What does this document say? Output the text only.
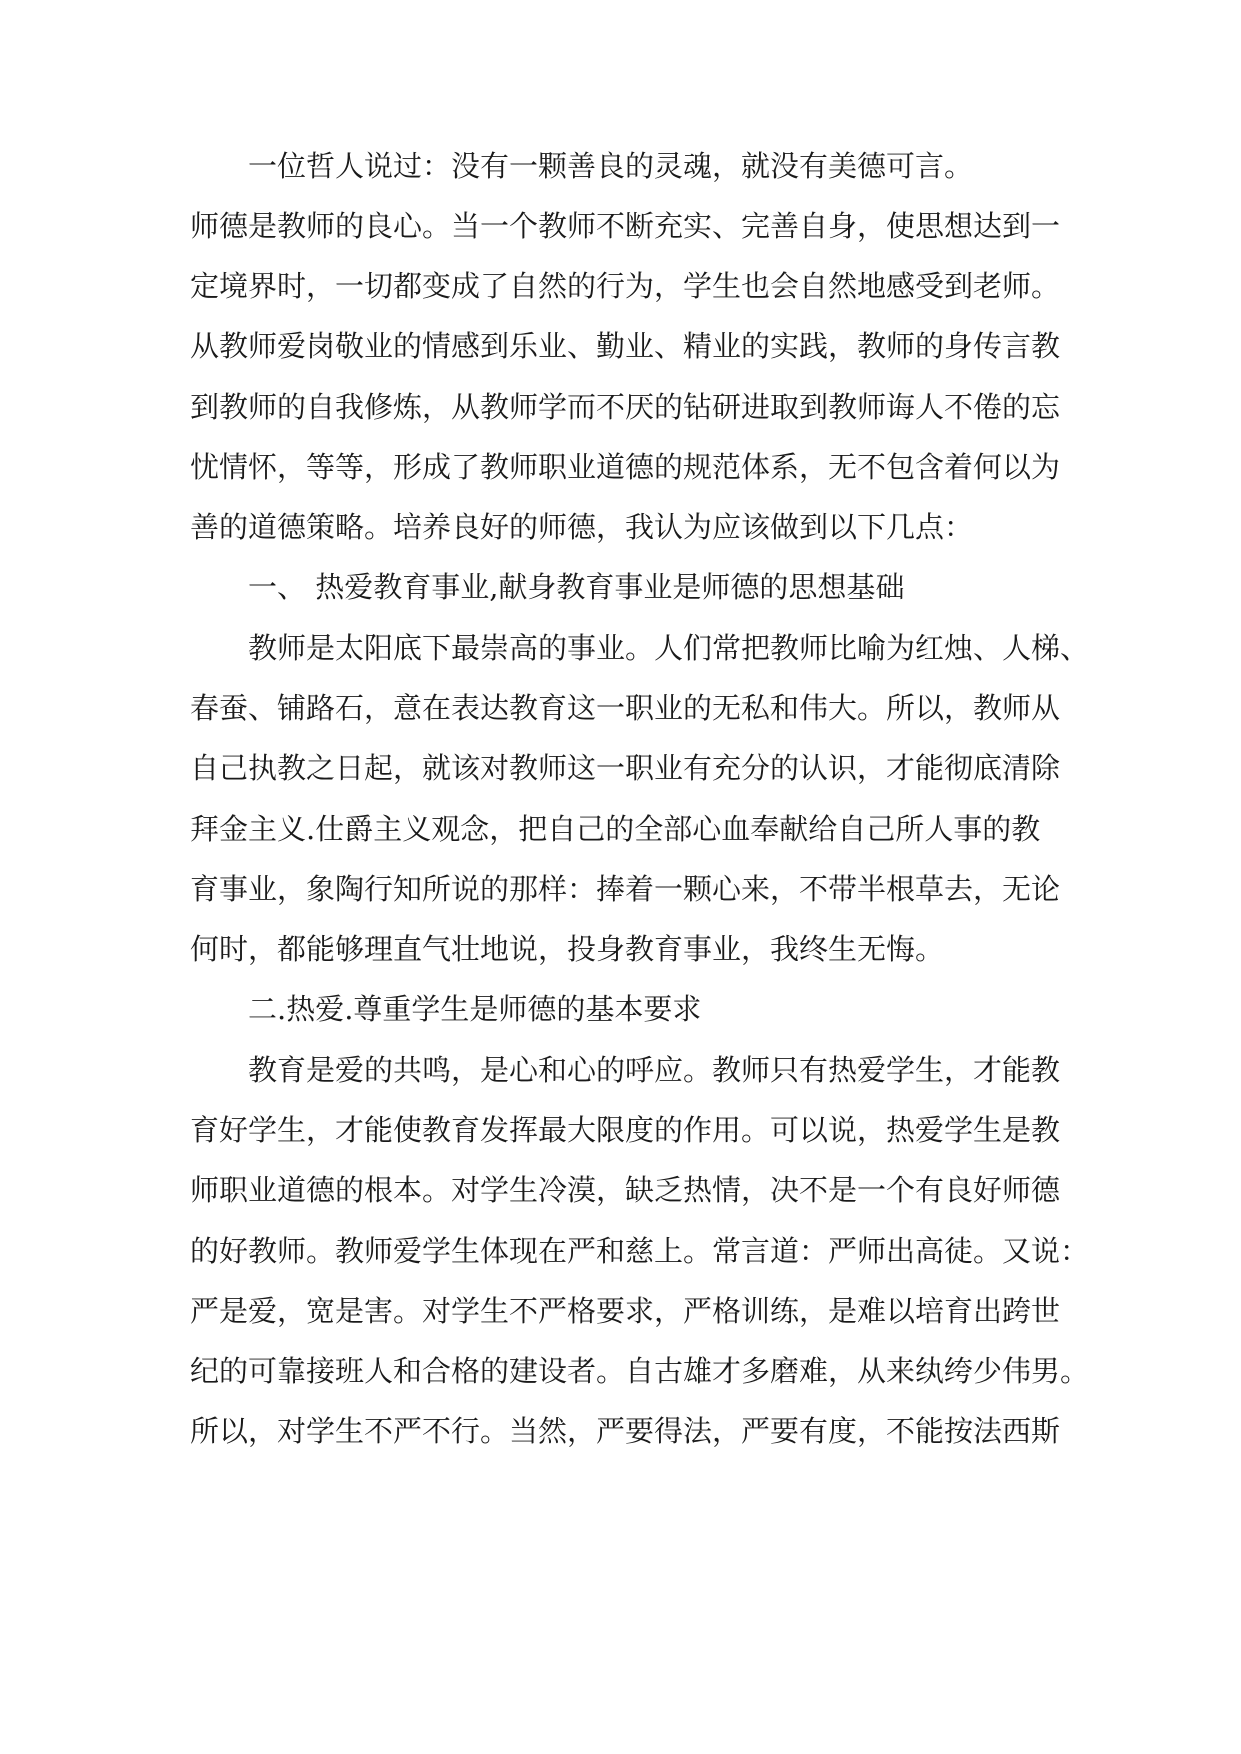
一位哲人说过：没有一颗善良的灵魂，就没有美德可言。

师德是教师的良心。当一个教师不断充实、完善自身，使思想达到一

定境界时，一切都变成了自然的行为，学生也会自然地感受到老师。

从教师爱岗敬业的情感到乐业、勤业、精业的实践，教师的身传言教

到教师的自我修炼，从教师学而不厌的钻研进取到教师诲人不倦的忘

忧情怀，等等，形成了教师职业道德的规范体系，无不包含着何以为

善的道德策略。培养良好的师德，我认为应该做到以下几点：

一、 热爱教育事业,献身教育事业是师德的思想基础

教师是太阳底下最崇高的事业。人们常把教师比喻为红烛、人梯、

春蚕、铺路石，意在表达教育这一职业的无私和伟大。所以，教师从

自己执教之日起，就该对教师这一职业有充分的认识，才能彻底清除

拜金主义.仕爵主义观念，把自己的全部心血奉献给自己所人事的教

育事业，象陶行知所说的那样：捧着一颗心来，不带半根草去，无论

何时，都能够理直气壮地说，投身教育事业，我终生无悔。

二.热爱.尊重学生是师德的基本要求

教育是爱的共鸣，是心和心的呼应。教师只有热爱学生，才能教

育好学生，才能使教育发挥最大限度的作用。可以说，热爱学生是教

师职业道德的根本。对学生冷漠，缺乏热情，决不是一个有良好师德

的好教师。教师爱学生体现在严和慈上。常言道：严师出高徒。又说：

严是爱，宽是害。对学生不严格要求，严格训练，是难以培育出跨世

纪的可靠接班人和合格的建设者。自古雄才多磨难，从来纨绔少伟男。

所以，对学生不严不行。当然，严要得法，严要有度，不能按法西斯
